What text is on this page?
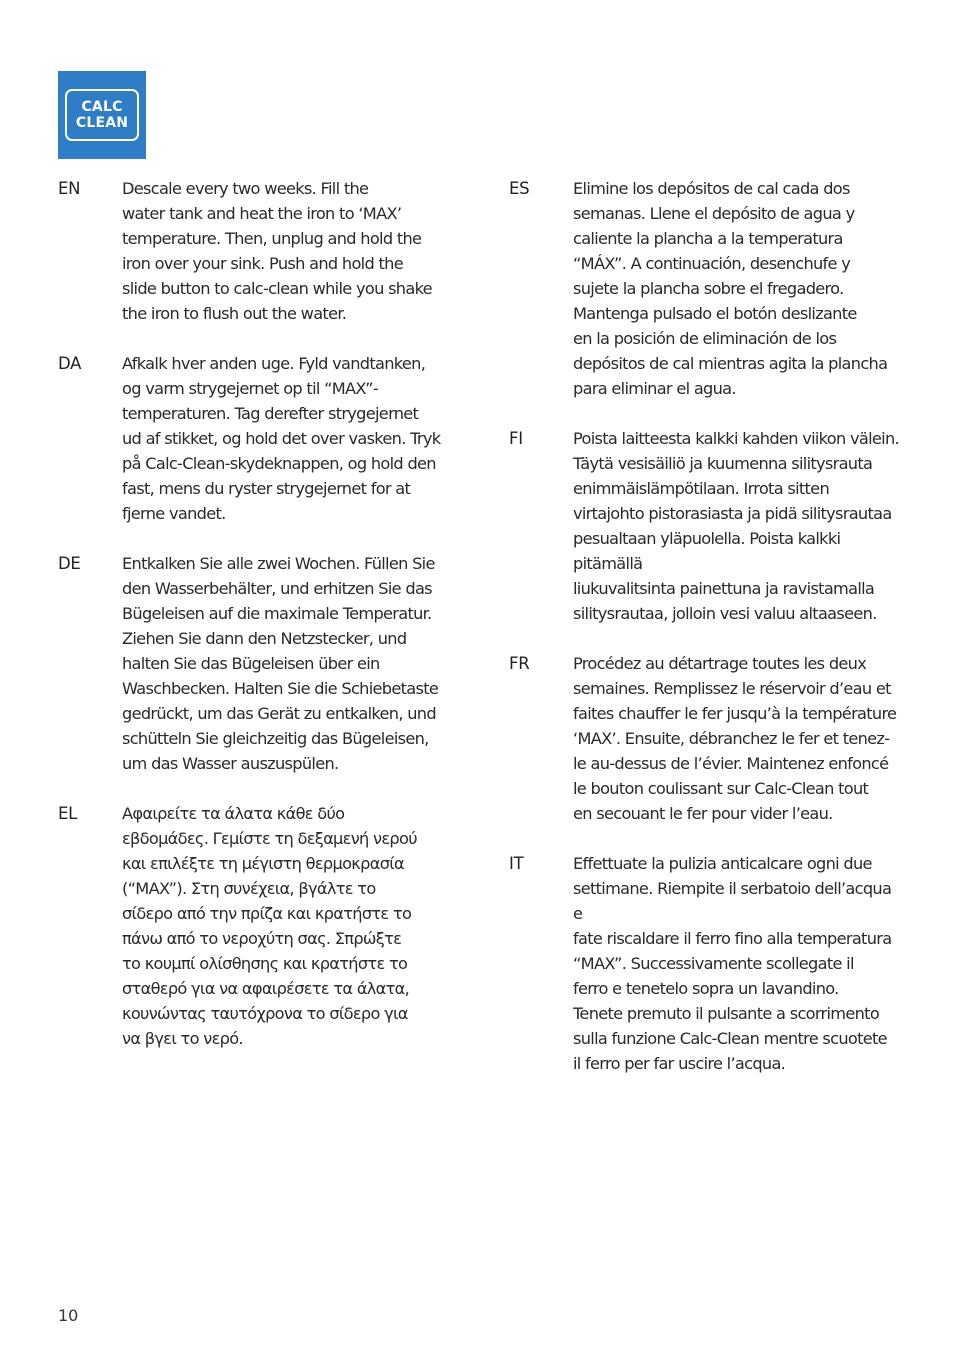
CALC
CLEAN
EN	Descale every two weeks. Fill the
water tank and heat the iron to ‘MAX’
temperature. Then, unplug and hold the
iron over your sink. Push and hold the
slide button to calc-clean while you shake
the iron to flush out the water.
DA	Afkalk hver anden uge. Fyld vandtanken,
og varm strygejernet op til “MAX”-
temperaturen. Tag derefter strygejernet
ud af stikket, og hold det over vasken. Tryk
på Calc-Clean-skydeknappen, og hold den
fast, mens du ryster strygejernet for at
fjerne vandet.
DE	Entkalken Sie alle zwei Wochen. Füllen Sie
den Wasserbehälter, und erhitzen Sie das
Bügeleisen auf die maximale Temperatur.
Ziehen Sie dann den Netzstecker, und
halten Sie das Bügeleisen über ein
Waschbecken. Halten Sie die Schiebetaste
gedrückt, um das Gerät zu entkalken, und
schütteln Sie gleichzeitig das Bügeleisen,
um das Wasser auszuspülen.
EL	Αφαιρείτε τα άλατα κάθε δύο
εβδομάδες. Γεμίστε τη δεξαμενή νερού
και επιλέξτε τη μέγιστη θερμοκρασία
(“MAX”). Στη συνέχεια, βγάλτε το
σίδερο από την πρίζα και κρατήστε το
πάνω από το νεροχύτη σας. Σπρώξτε
το κουμπί ολίσθησης και κρατήστε το
σταθερό για να αφαιρέσετε τα άλατα,
κουνώντας ταυτόχρονα το σίδερο για
να βγει το νερό.
ES	Elimine los depósitos de cal cada dos
semanas. Llene el depósito de agua y
caliente la plancha a la temperatura
“MÁX”. A continuación, desenchufe y
sujete la plancha sobre el fregadero.
Mantenga pulsado el botón deslizante
en la posición de eliminación de los
depósitos de cal mientras agita la plancha
para eliminar el agua.
FI	Poista laitteesta kalkki kahden viikon välein.
Täytä vesisäiliö ja kuumenna silitysrauta
enimmäislämpötilaan. Irrota sitten
virtajohto pistorasiasta ja pidä silitysrautaa
pesualtaan yläpuolella. Poista kalkki pitämällä
liukuvalitsinta painettuna ja ravistamalla
silitysrautaa, jolloin vesi valuu altaaseen.
FR	Procédez au détartrage toutes les deux
semaines. Remplissez le réservoir d’eau et
faites chauffer le fer jusqu’à la température
‘MAX’. Ensuite, débranchez le fer et tenez-
le au-dessus de l’évier. Maintenez enfoncé
le bouton coulissant sur Calc-Clean tout
en secouant le fer pour vider l’eau.
IT	Effettuate la pulizia anticalcare ogni due
settimane. Riempite il serbatoio dell’acqua e
fate riscaldare il ferro fino alla temperatura
“MAX”. Successivamente scollegate il
ferro e tenetelo sopra un lavandino.
Tenete premuto il pulsante a scorrimento
sulla funzione Calc-Clean mentre scuotete
il ferro per far uscire l’acqua.
10
